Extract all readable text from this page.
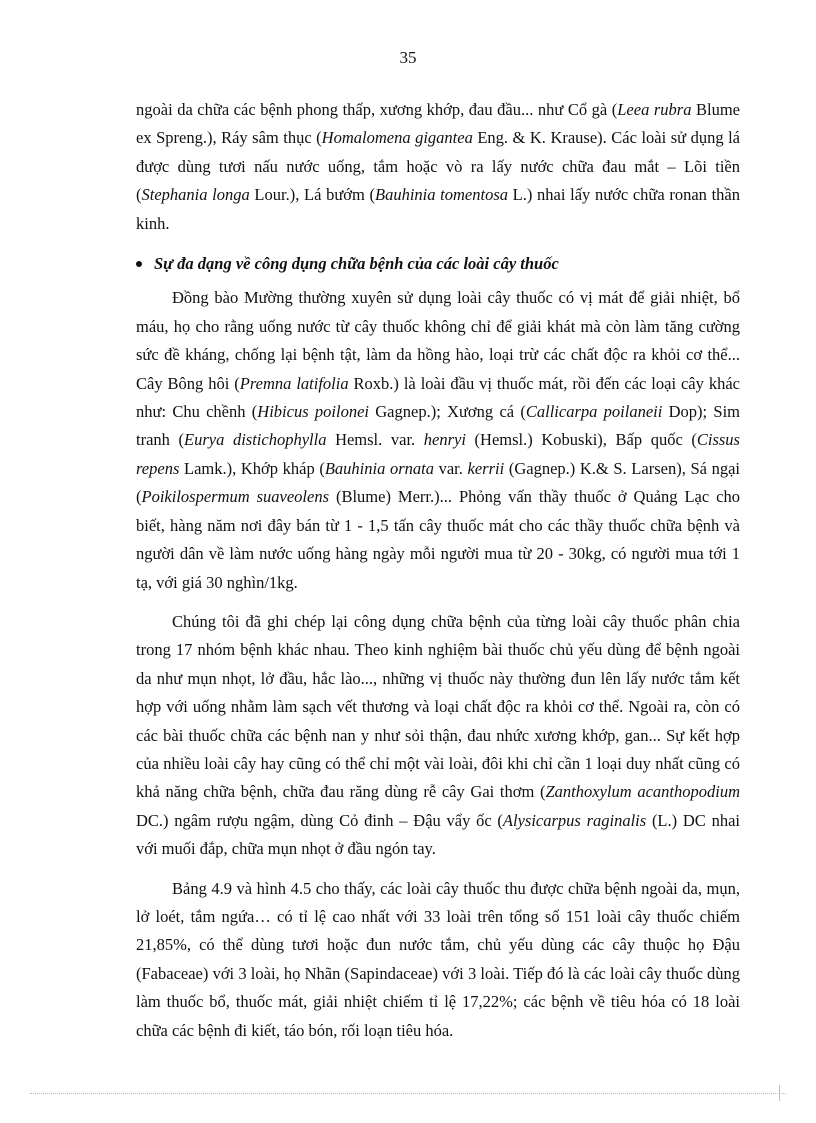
35

ngoài da chữa các bệnh phong thấp, xương khớp, đau đầu... như Cổ gà (Leea rubra Blume ex Spreng.), Ráy sâm thục (Homalomena gigantea Eng. & K. Krause). Các loài sử dụng lá được dùng tươi nấu nước uống, tắm hoặc vò ra lấy nước chữa đau mắt – Lõi tiền (Stephania longa Lour.), Lá bướm (Bauhinia tomentosa L.) nhai lấy nước chữa ronan thần kinh.

Sự đa dạng về công dụng chữa bệnh của các loài cây thuốc

Đồng bào Mường thường xuyên sử dụng loài cây thuốc có vị mát để giải nhiệt, bổ máu, họ cho rằng uống nước từ cây thuốc không chỉ để giải khát mà còn làm tăng cường sức đề kháng, chống lại bệnh tật, làm da hồng hào, loại trừ các chất độc ra khỏi cơ thể... Cây Bông hôi (Premna latifolia Roxb.) là loài đầu vị thuốc mát, rồi đến các loại cây khác như: Chu chềnh (Hibicus poilonei Gagnep.); Xương cá (Callicarpa poilaneii Dop); Sim tranh (Eurya distichophylla Hemsl. var. henryi (Hemsl.) Kobuski), Bấp quốc (Cissus repens Lamk.), Khớp kháp (Bauhinia ornata var. kerrii (Gagnep.) K.& S. Larsen), Sá ngại (Poikilospermum suaveolens (Blume) Merr.)... Phỏng vấn thầy thuốc ở Quảng Lạc cho biết, hàng năm nơi đây bán từ 1 - 1,5 tấn cây thuốc mát cho các thầy thuốc chữa bệnh và người dân về làm nước uống hàng ngày mỗi người mua từ 20 - 30kg, có người mua tới 1 tạ, với giá 30 nghìn/1kg.

Chúng tôi đã ghi chép lại công dụng chữa bệnh của từng loài cây thuốc phân chia trong 17 nhóm bệnh khác nhau. Theo kinh nghiệm bài thuốc chủ yếu dùng để bệnh ngoài da như mụn nhọt, lở đầu, hắc lào..., những vị thuốc này thường đun lên lấy nước tắm kết hợp với uống nhằm làm sạch vết thương và loại chất độc ra khỏi cơ thể. Ngoài ra, còn có các bài thuốc chữa các bệnh nan y như sỏi thận, đau nhức xương khớp, gan... Sự kết hợp của nhiều loài cây hay cũng có thể chỉ một vài loài, đôi khi chỉ cần 1 loại duy nhất cũng có khả năng chữa bệnh, chữa đau răng dùng rễ cây Gai thơm (Zanthoxylum acanthopodium DC.) ngâm rượu ngậm, dùng Cỏ đinh – Đậu vẩy ốc (Alysicarpus raginalis (L.) DC nhai với muối đắp, chữa mụn nhọt ở đầu ngón tay.

Bảng 4.9 và hình 4.5 cho thấy, các loài cây thuốc thu được chữa bệnh ngoài da, mụn, lở loét, tắm ngứa… có tỉ lệ cao nhất với 33 loài trên tổng số 151 loài cây thuốc chiếm 21,85%, có thể dùng tươi hoặc đun nước tắm, chủ yếu dùng các cây thuộc họ Đậu (Fabaceae) với 3 loài, họ Nhãn (Sapindaceae) với 3 loài. Tiếp đó là các loài cây thuốc dùng làm thuốc bổ, thuốc mát, giải nhiệt chiếm tỉ lệ 17,22%; các bệnh về tiêu hóa có 18 loài chữa các bệnh đi kiết, táo bón, rối loạn tiêu hóa.
